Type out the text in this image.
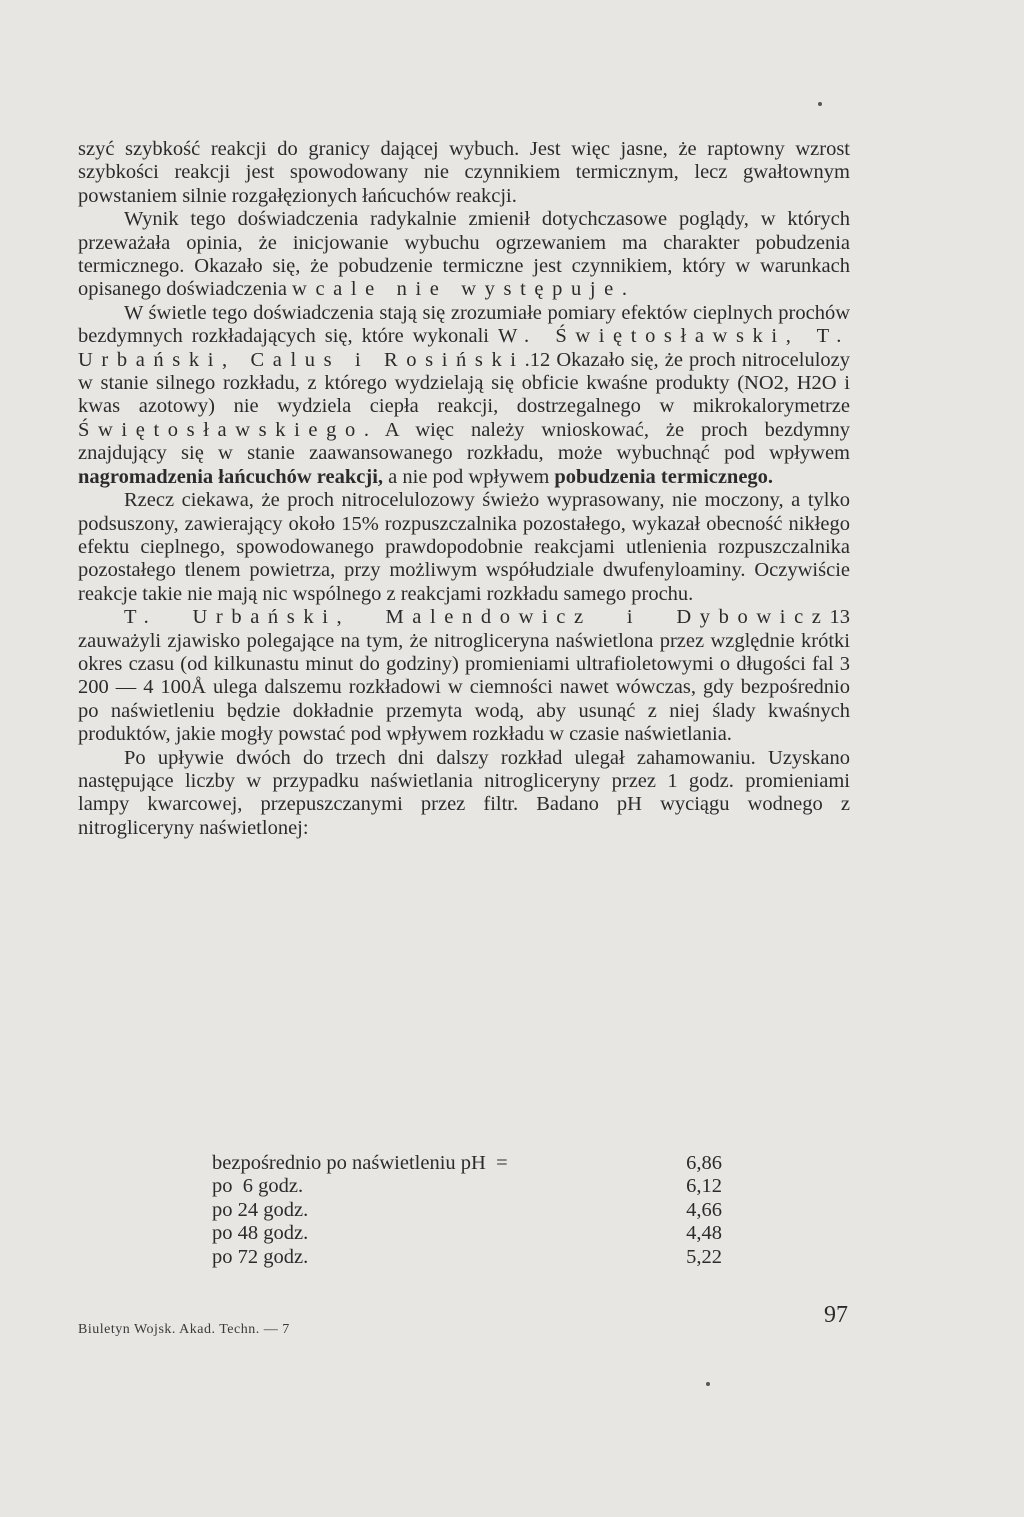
szyć szybkość reakcji do granicy dającej wybuch. Jest więc jasne, że raptowny wzrost szybkości reakcji jest spowodowany nie czynnikiem termicznym, lecz gwałtownym powstaniem silnie rozgałęzionych łańcuchów reakcji.

Wynik tego doświadczenia radykalnie zmienił dotychczasowe poglądy, w których przeważała opinia, że inicjowanie wybuchu ogrzewaniem ma charakter pobudzenia termicznego. Okazało się, że pobudzenie termiczne jest czynnikiem, który w warunkach opisanego doświadczenia wcale nie występuje.

W świetle tego doświadczenia stają się zrozumiałe pomiary efektów cieplnych prochów bezdymnych rozkładających się, które wykonali W. Świętosławski, T. Urbański, Calus i Rosiński.12 Okazało się, że proch nitrocelulozy w stanie silnego rozkładu, z którego wydzielają się obficie kwaśne produkty (NO2, H2O i kwas azotowy) nie wydziela ciepła reakcji, dostrzegalnego w mikrokalorymetrze Świętosławskiego. A więc należy wnioskować, że proch bezdymny znajdujący się w stanie zaawansowanego rozkładu, może wybuchnąć pod wpływem nagromadzenia łańcuchów reakcji, a nie pod wpływem pobudzenia termicznego.

Rzecz ciekawa, że proch nitrocelulozowy świeżo wyprasowany, nie moczony, a tylko podsuszony, zawierający około 15% rozpuszczalnika pozostałego, wykazał obecność nikłego efektu cieplnego, spowodowanego prawdopodobnie reakcjami utlenienia rozpuszczalnika pozostałego tlenem powietrza, przy możliwym współudziale dwufenyloaminy. Oczywiście reakcje takie nie mają nic wspólnego z reakcjami rozkładu samego prochu.

T. Urbański, Malendowicz i Dybowicz13 zauważyli zjawisko polegające na tym, że nitrogliceryna naświetlona przez względnie krótki okres czasu (od kilkunastu minut do godziny) promieniami ultrafioletowymi o długości fal 3 200 — 4 100Å ulega dalszemu rozkładowi w ciemności nawet wówczas, gdy bezpośrednio po naświetleniu będzie dokładnie przemyta wodą, aby usunąć z niej ślady kwaśnych produktów, jakie mogły powstać pod wpływem rozkładu w czasie naświetlania.

Po upływie dwóch do trzech dni dalszy rozkład ulegał zahamowaniu. Uzyskano następujące liczby w przypadku naświetlania nitrogliceryny przez 1 godz. promieniami lampy kwarcowej, przepuszczanymi przez filtr. Badano pH wyciągu wodnego z nitrogliceryny naświetlonej:

bezpośrednio po naświetleniu pH  =	6,86
po  6 godz.	6,12
po 24 godz.	4,66
po 48 godz.	4,48
po 72 godz.	5,22
Biuletyn Wojsk. Akad. Techn. — 7
97
